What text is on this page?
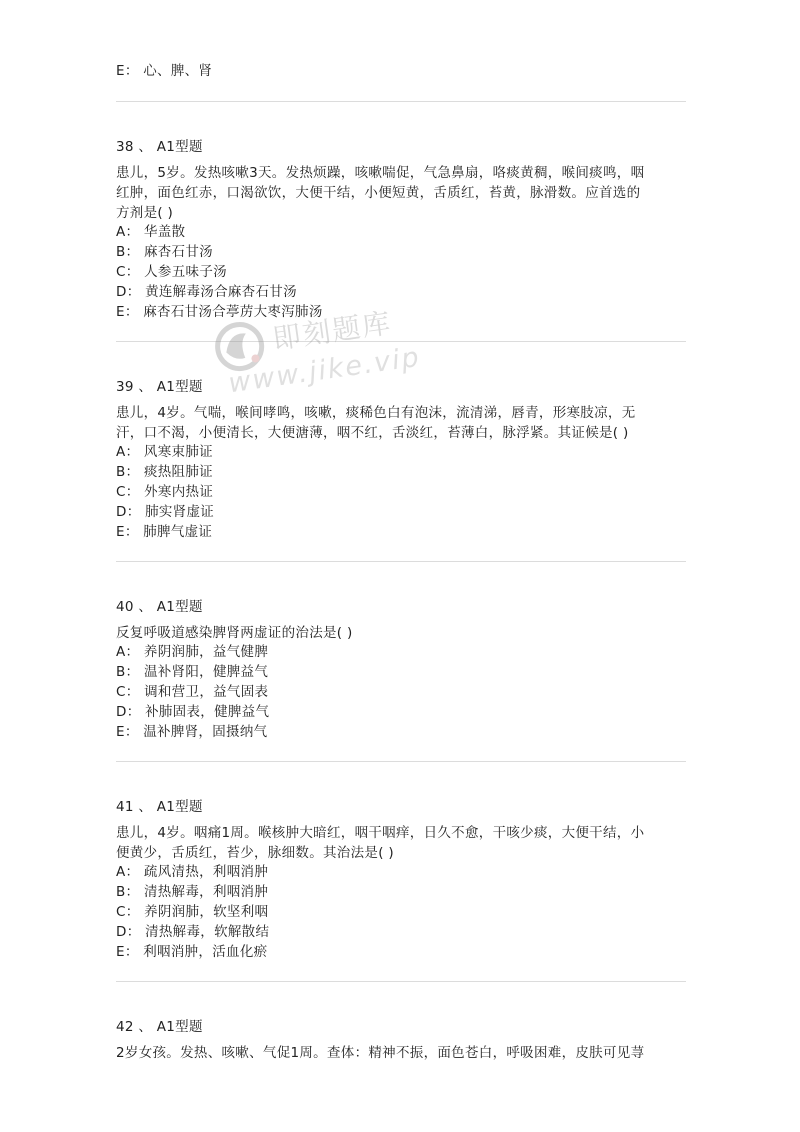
E： 心、脾、肾
38 、 A1型题
患儿，5岁。发热咳嗽3天。发热烦躁，咳嗽喘促，气急鼻扇，咯痰黄稠，喉间痰鸣，咽
红肿，面色红赤，口渴欲饮，大便干结，小便短黄，舌质红，苔黄，脉滑数。应首选的
方剂是( )
A： 华盖散
B： 麻杏石甘汤
C： 人参五味子汤
D： 黄连解毒汤合麻杏石甘汤
E： 麻杏石甘汤合葶苈大枣泻肺汤
39 、 A1型题
患儿，4岁。气喘，喉间哮鸣，咳嗽，痰稀色白有泡沫，流清涕，唇青，形寒肢凉，无
汗，口不渴，小便清长，大便溏薄，咽不红，舌淡红，苔薄白，脉浮紧。其证候是( )
A： 风寒束肺证
B： 痰热阻肺证
C： 外寒内热证
D： 肺实肾虚证
E： 肺脾气虚证
40 、 A1型题
反复呼吸道感染脾肾两虚证的治法是( )
A： 养阴润肺，益气健脾
B： 温补肾阳，健脾益气
C： 调和营卫，益气固表
D： 补肺固表，健脾益气
E： 温补脾肾，固摄纳气
41 、 A1型题
患儿，4岁。咽痛1周。喉核肿大暗红，咽干咽痒，日久不愈，干咳少痰，大便干结，小
便黄少，舌质红，苔少，脉细数。其治法是( )
A： 疏风清热，利咽消肿
B： 清热解毒，利咽消肿
C： 养阴润肺，软坚利咽
D： 清热解毒，软解散结
E： 利咽消肿，活血化瘀
42 、 A1型题
2岁女孩。发热、咳嗽、气促1周。查体：精神不振，面色苍白，呼吸困难，皮肤可见荨
即刻题库
www.jike.vip
